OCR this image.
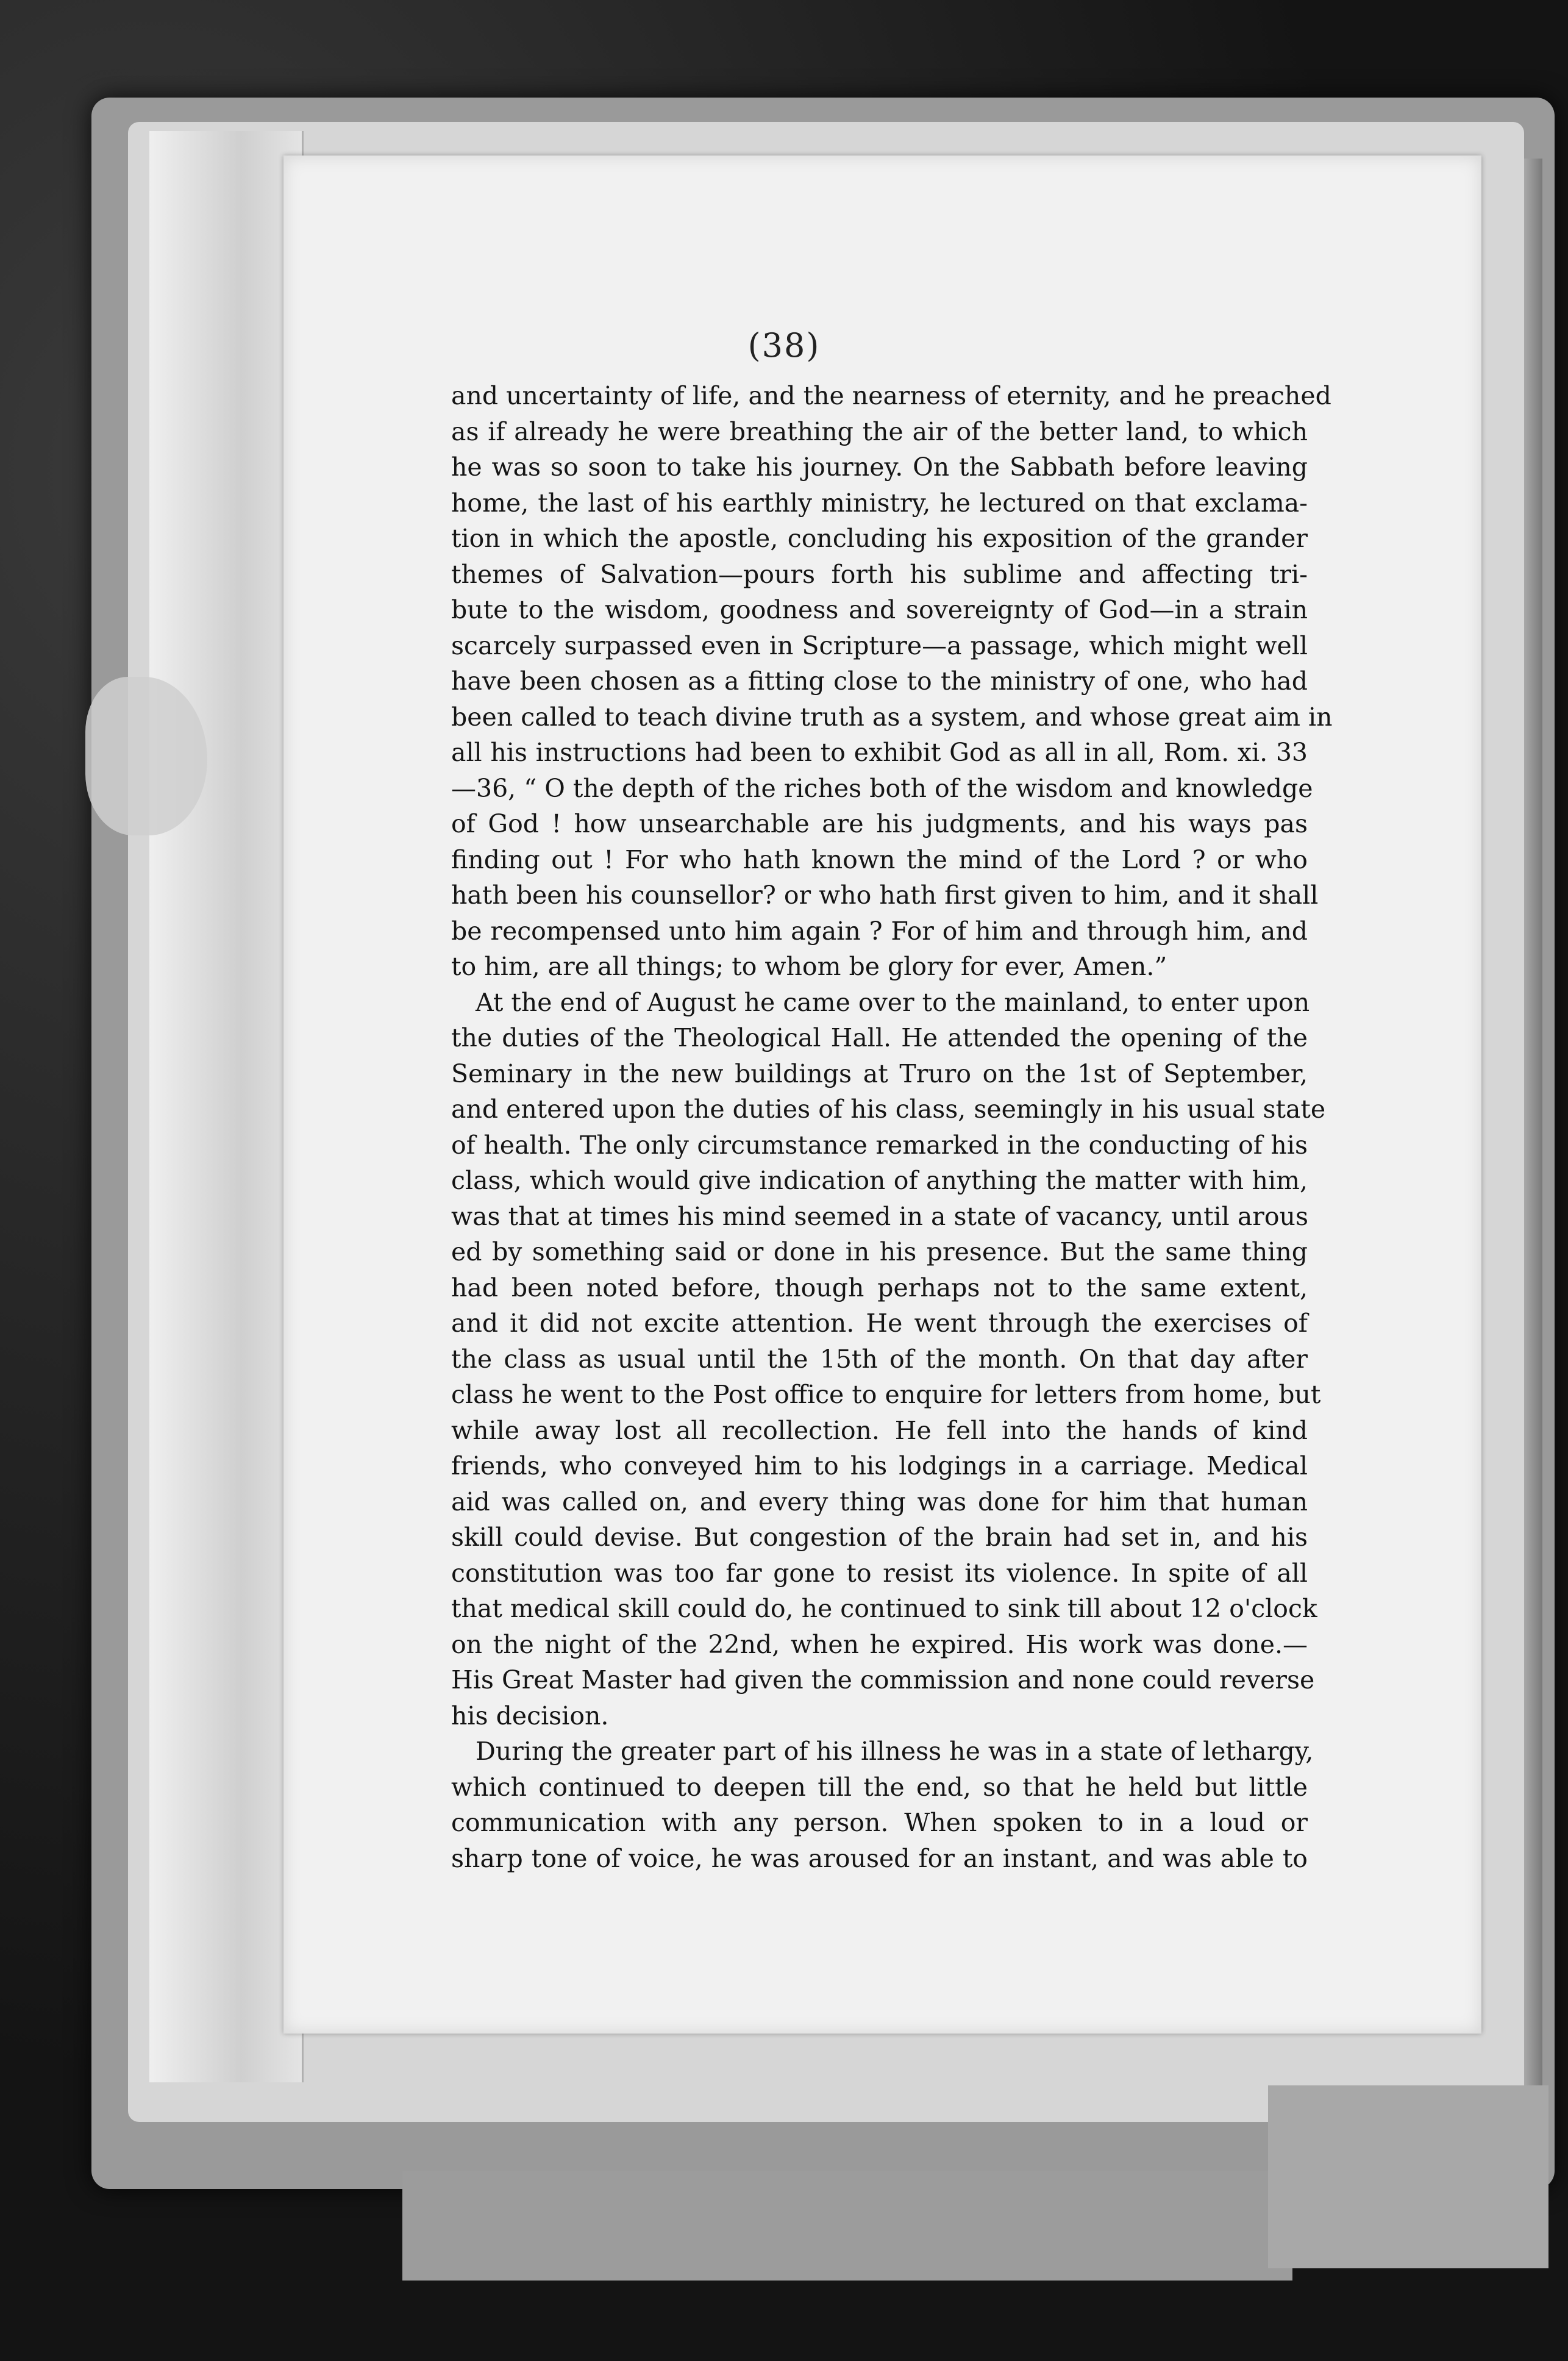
(38)
and uncertainty of life, and the nearness of eternity, and he preached
as if already he were breathing the air of the better land, to which
he was so soon to take his journey. On the Sabbath before leaving
home, the last of his earthly ministry, he lectured on that exclama-
tion in which the apostle, concluding his exposition of the grander
themes of Salvation—pours forth his sublime and affecting tri-
bute to the wisdom, goodness and sovereignty of God—in a strain
scarcely surpassed even in Scripture—a passage, which might well
have been chosen as a fitting close to the ministry of one, who had
been called to teach divine truth as a system, and whose great aim in
all his instructions had been to exhibit God as all in all, Rom. xi. 33
—36, “ O the depth of the riches both of the wisdom and knowledge
of God ! how unsearchable are his judgments, and his ways pas
finding out ! For who hath known the mind of the Lord ? or who
hath been his counsellor? or who hath first given to him, and it shall
be recompensed unto him again ? For of him and through him, and
to him, are all things; to whom be glory for ever, Amen.”
At the end of August he came over to the mainland, to enter upon
the duties of the Theological Hall. He attended the opening of the
Seminary in the new buildings at Truro on the 1st of September,
and entered upon the duties of his class, seemingly in his usual state
of health. The only circumstance remarked in the conducting of his
class, which would give indication of anything the matter with him,
was that at times his mind seemed in a state of vacancy, until arous
ed by something said or done in his presence. But the same thing
had been noted before, though perhaps not to the same extent,
and it did not excite attention. He went through the exercises of
the class as usual until the 15th of the month. On that day after
class he went to the Post office to enquire for letters from home, but
while away lost all recollection. He fell into the hands of kind
friends, who conveyed him to his lodgings in a carriage. Medical
aid was called on, and every thing was done for him that human
skill could devise. But congestion of the brain had set in, and his
constitution was too far gone to resist its violence. In spite of all
that medical skill could do, he continued to sink till about 12 o'clock
on the night of the 22nd, when he expired. His work was done.—
His Great Master had given the commission and none could reverse
his decision.
During the greater part of his illness he was in a state of lethargy,
which continued to deepen till the end, so that he held but little
communication with any person. When spoken to in a loud or
sharp tone of voice, he was aroused for an instant, and was able to
